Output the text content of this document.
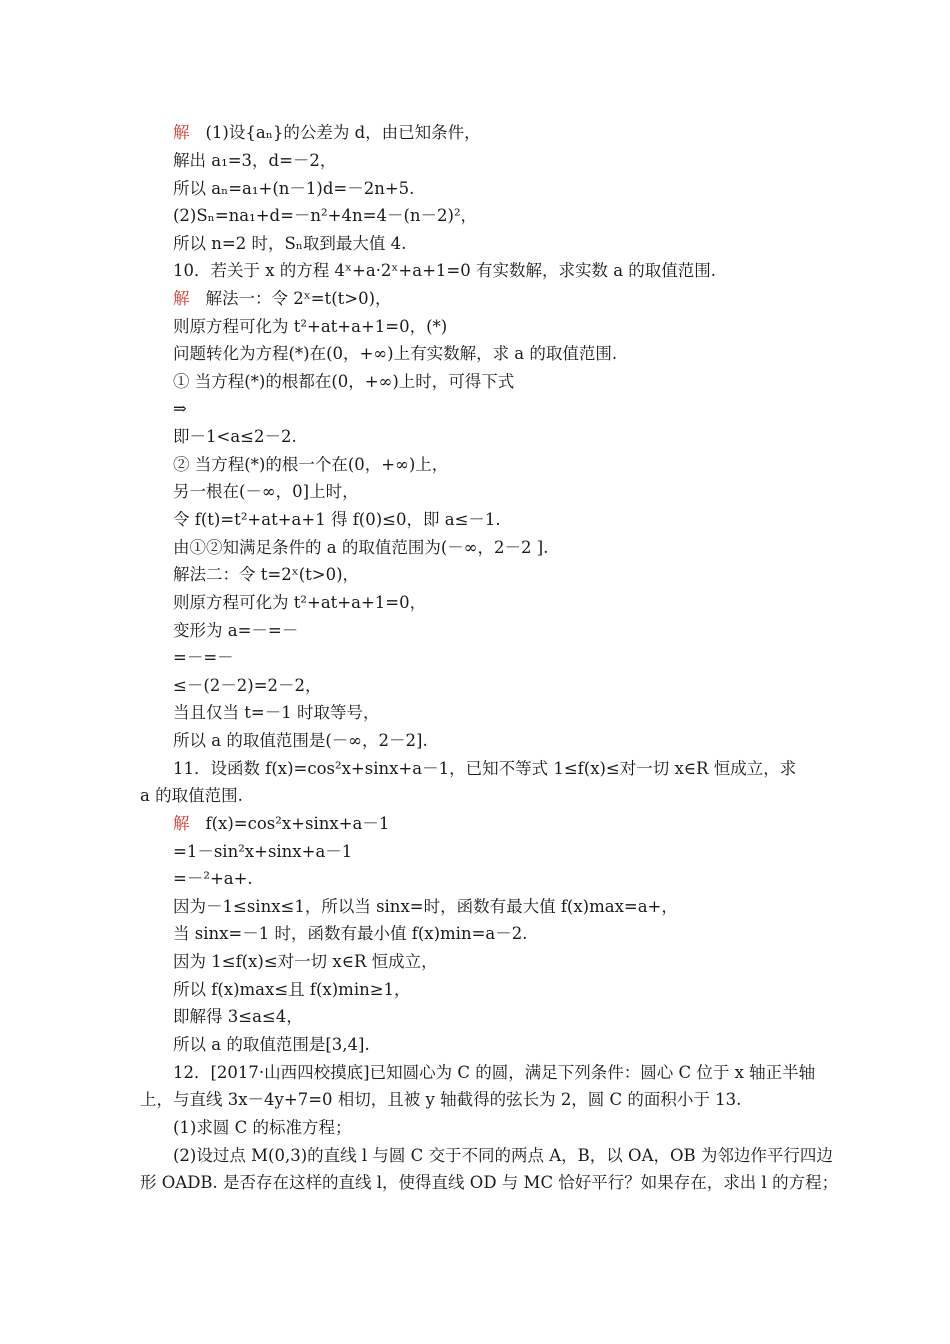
解 (1)设{aₙ}的公差为 d，由已知条件，
解出 a₁=3，d=－2，
所以 aₙ=a₁+(n－1)d=－2n+5.
(2)Sₙ=na₁+d=－n²+4n=4－(n－2)²，
所以 n=2 时，Sₙ取到最大值 4.
10．若关于 x 的方程 4ˣ+a·2ˣ+a+1=0 有实数解，求实数 a 的取值范围.
解 解法一：令 2ˣ=t(t>0)，
则原方程可化为 t²+at+a+1=0，(*)
问题转化为方程(*)在(0，+∞)上有实数解，求 a 的取值范围.
① 当方程(*)的根都在(0，+∞)上时，可得下式
⇒
即－1<a≤2－2.
② 当方程(*)的根一个在(0，+∞)上，
另一根在(－∞，0]上时，
令 f(t)=t²+at+a+1 得 f(0)≤0，即 a≤－1.
由①②知满足条件的 a 的取值范围为(－∞，2－2 ].
解法二：令 t=2ˣ(t>0)，
则原方程可化为 t²+at+a+1=0，
变形为 a=－=－
=－=－
≤－(2－2)=2－2，
当且仅当 t=－1 时取等号，
所以 a 的取值范围是(－∞，2－2].
11．设函数 f(x)=cos²x+sinx+a－1，已知不等式 1≤f(x)≤对一切 x∈R 恒成立，求
a 的取值范围.
解 f(x)=cos²x+sinx+a－1
=1－sin²x+sinx+a－1
=－²+a+.
因为－1≤sinx≤1，所以当 sinx=时，函数有最大值 f(x)max=a+，
当 sinx=－1 时，函数有最小值 f(x)min=a－2.
因为 1≤f(x)≤对一切 x∈R 恒成立，
所以 f(x)max≤且 f(x)min≥1，
即解得 3≤a≤4，
所以 a 的取值范围是[3,4].
12．[2017·山西四校摸底]已知圆心为 C 的圆，满足下列条件：圆心 C 位于 x 轴正半轴
上，与直线 3x－4y+7=0 相切，且被 y 轴截得的弦长为 2，圆 C 的面积小于 13.
(1)求圆 C 的标准方程；
(2)设过点 M(0,3)的直线 l 与圆 C 交于不同的两点 A，B，以 OA，OB 为邻边作平行四边
形 OADB. 是否存在这样的直线 l，使得直线 OD 与 MC 恰好平行？如果存在，求出 l 的方程；
